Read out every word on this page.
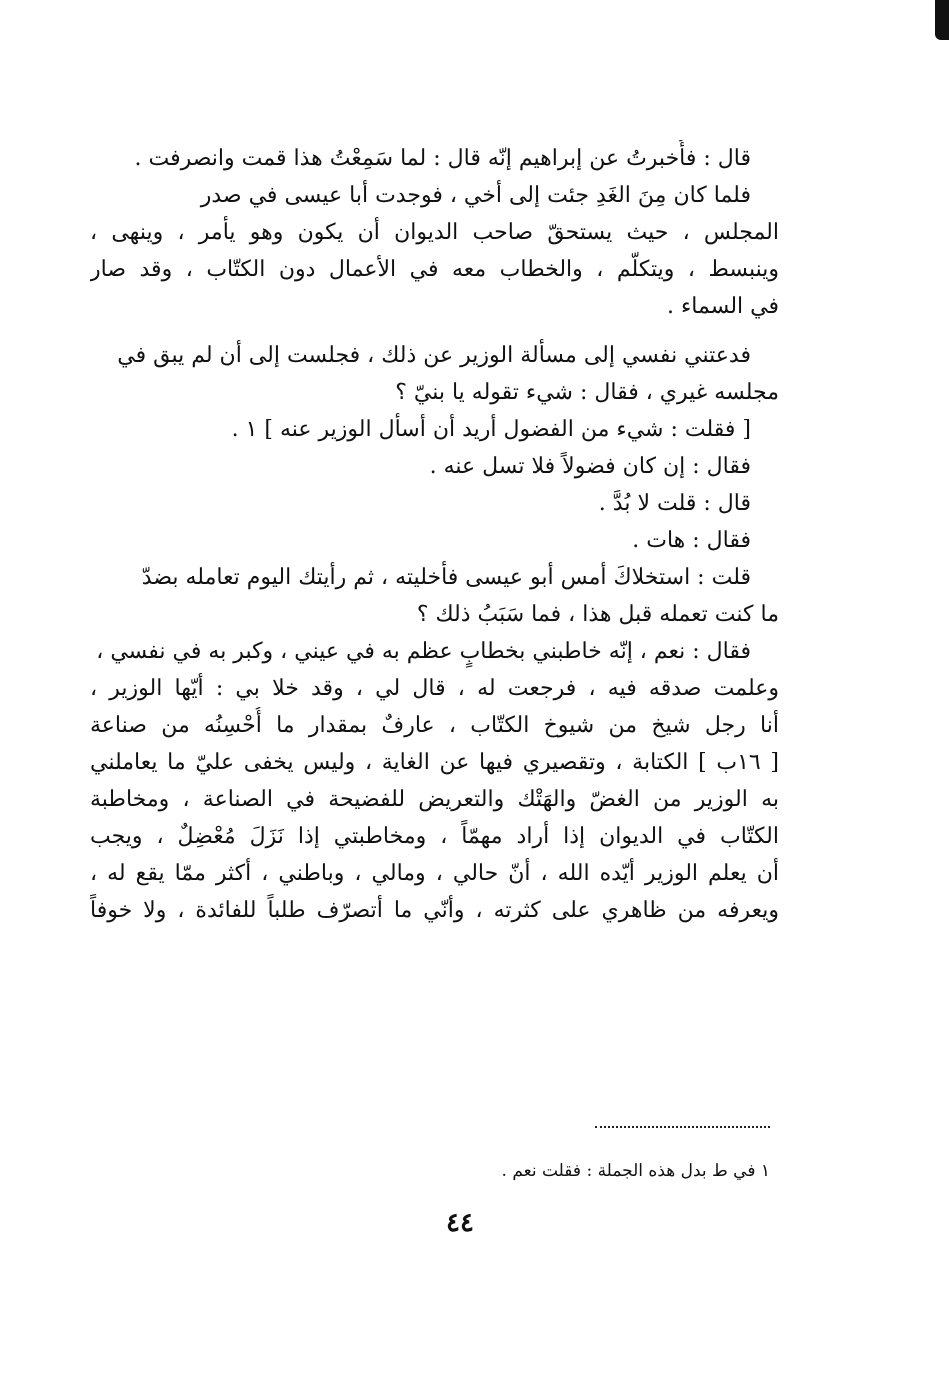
قال : فأُخبرتُ عن إبراهيم إنّه قال : لما سَمِعْتُ هذا قمت وانصرفت .
فلما كان مِنَ الغَدِ جئت إلى أخي ، فوجدت أبا عيسى في صدر
المجلس ، حيث يستحقّ صاحب الديوان أن يكون وهو يأمر ، وينهى ،
وينبسط ، ويتكلّم ، والخطاب معه في الأعمال دون الكتّاب ، وقد صار
في السماء .
فدعتني نفسي إلى مسألة الوزير عن ذلك ، فجلست إلى أن لم يبق في
مجلسه غيري ، فقال : شيء تقوله يا بنيّ ؟
[ فقلت : شيء من الفضول أريد أن أسأل الوزير عنه ] ١ .
فقال : إن كان فضولاً فلا تسل عنه .
قال : قلت لا بُدَّ .
فقال : هات .
قلت : استخلاكَ أمس أبو عيسى فأخليته ، ثم رأيتك اليوم تعامله بضدّ
ما كنت تعمله قبل هذا ، فما سَبَبُ ذلك ؟
فقال : نعم ، إنّه خاطبني بخطابٍ عظم به في عيني ، وكبر به في نفسي ،
وعلمت صدقه فيه ، فرجعت له ، قال لي ، وقد خلا بي : أيّها الوزير ،
أنا رجل شيخ من شيوخ الكتّاب ، عارفٌ بمقدار ما أُحْسِنُه من صناعة
[ ١٦ب ] الكتابة ، وتقصيري فيها عن الغاية ، وليس يخفى عليّ ما يعاملني
به الوزير من الغضّ والهَتْك والتعريض للفضيحة في الصناعة ، ومخاطبة
الكتّاب في الديوان إذا أراد مهمّاً ، ومخاطبتي إذا نَزَلَ مُعْضِلٌ ، ويجب
أن يعلم الوزير أيّده الله ، أنّ حالي ، ومالي ، وباطني ، أكثر ممّا يقع له ،
ويعرفه من ظاهري على كثرته ، وأنّي ما أتصرّف طلباً للفائدة ، ولا خوفاً
١ في ط بدل هذه الجملة : فقلت نعم .
٤٤
